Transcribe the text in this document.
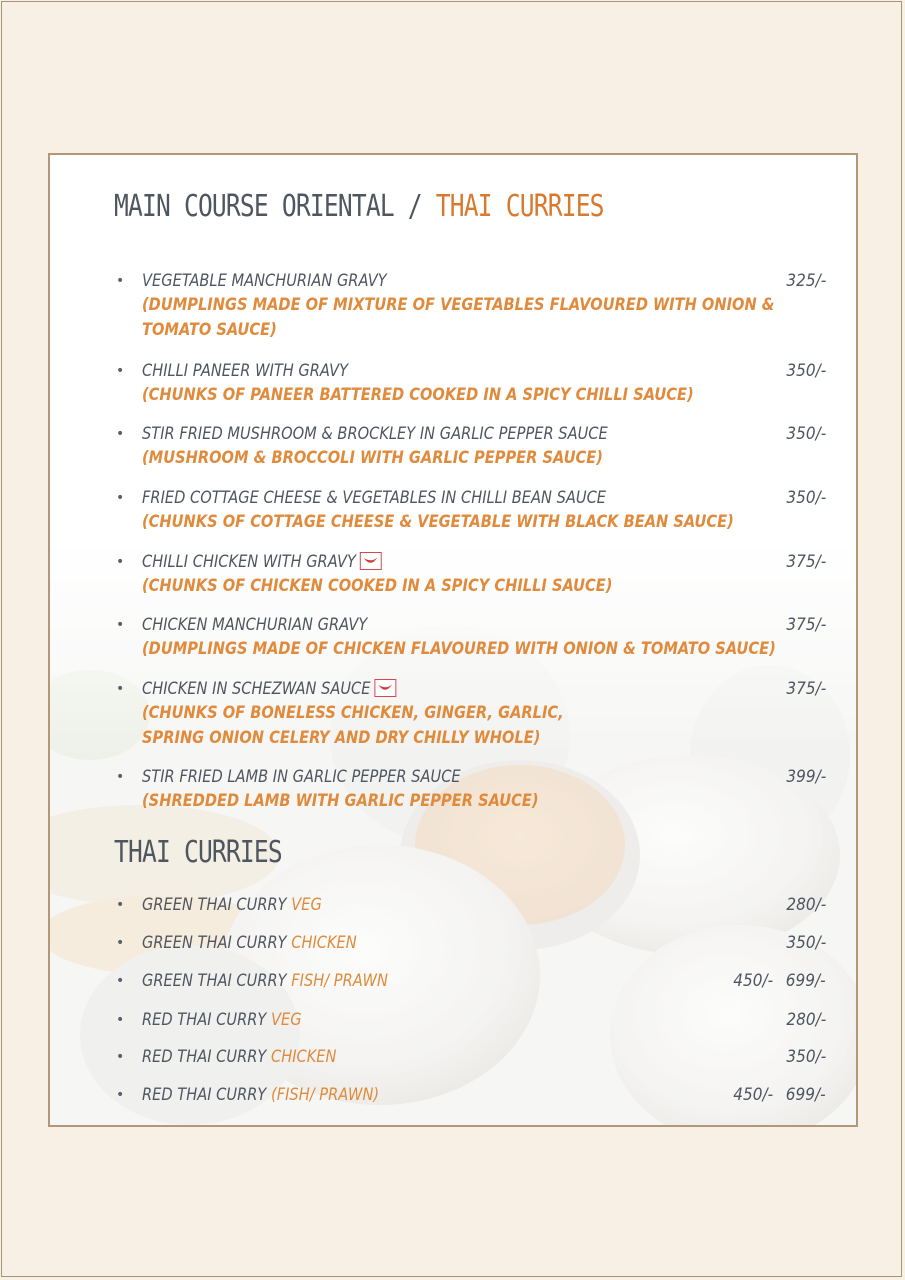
MAIN COURSE ORIENTAL / THAI CURRIES
• VEGETABLE MANCHURIAN GRAVY	325/-
(DUMPLINGS MADE OF MIXTURE OF VEGETABLES FLAVOURED WITH ONION & TOMATO SAUCE)
• CHILLI PANEER WITH GRAVY	350/-
(CHUNKS OF PANEER BATTERED COOKED IN A SPICY CHILLI SAUCE)
• STIR FRIED MUSHROOM & BROCKLEY IN GARLIC PEPPER SAUCE	350/-
(MUSHROOM & BROCCOLI WITH GARLIC PEPPER SAUCE)
• FRIED COTTAGE CHEESE & VEGETABLES IN CHILLI BEAN SAUCE	350/-
(CHUNKS OF COTTAGE CHEESE & VEGETABLE WITH BLACK BEAN SAUCE)
• CHILLI CHICKEN WITH GRAVY	375/-
(CHUNKS OF CHICKEN COOKED IN A SPICY CHILLI SAUCE)
• CHICKEN MANCHURIAN GRAVY	375/-
(DUMPLINGS MADE OF CHICKEN FLAVOURED WITH ONION & TOMATO SAUCE)
• CHICKEN IN SCHEZWAN SAUCE	375/-
(CHUNKS OF BONELESS CHICKEN, GINGER, GARLIC, SPRING ONION CELERY AND DRY CHILLY WHOLE)
• STIR FRIED LAMB IN GARLIC PEPPER SAUCE	399/-
(SHREDDED LAMB WITH GARLIC PEPPER SAUCE)
THAI CURRIES
• GREEN THAI CURRY VEG	280/-
• GREEN THAI CURRY CHICKEN	350/-
• GREEN THAI CURRY FISH/ PRAWN	450/- 699/-
• RED THAI CURRY VEG	280/-
• RED THAI CURRY CHICKEN	350/-
• RED THAI CURRY (FISH/ PRAWN)	450/- 699/-
